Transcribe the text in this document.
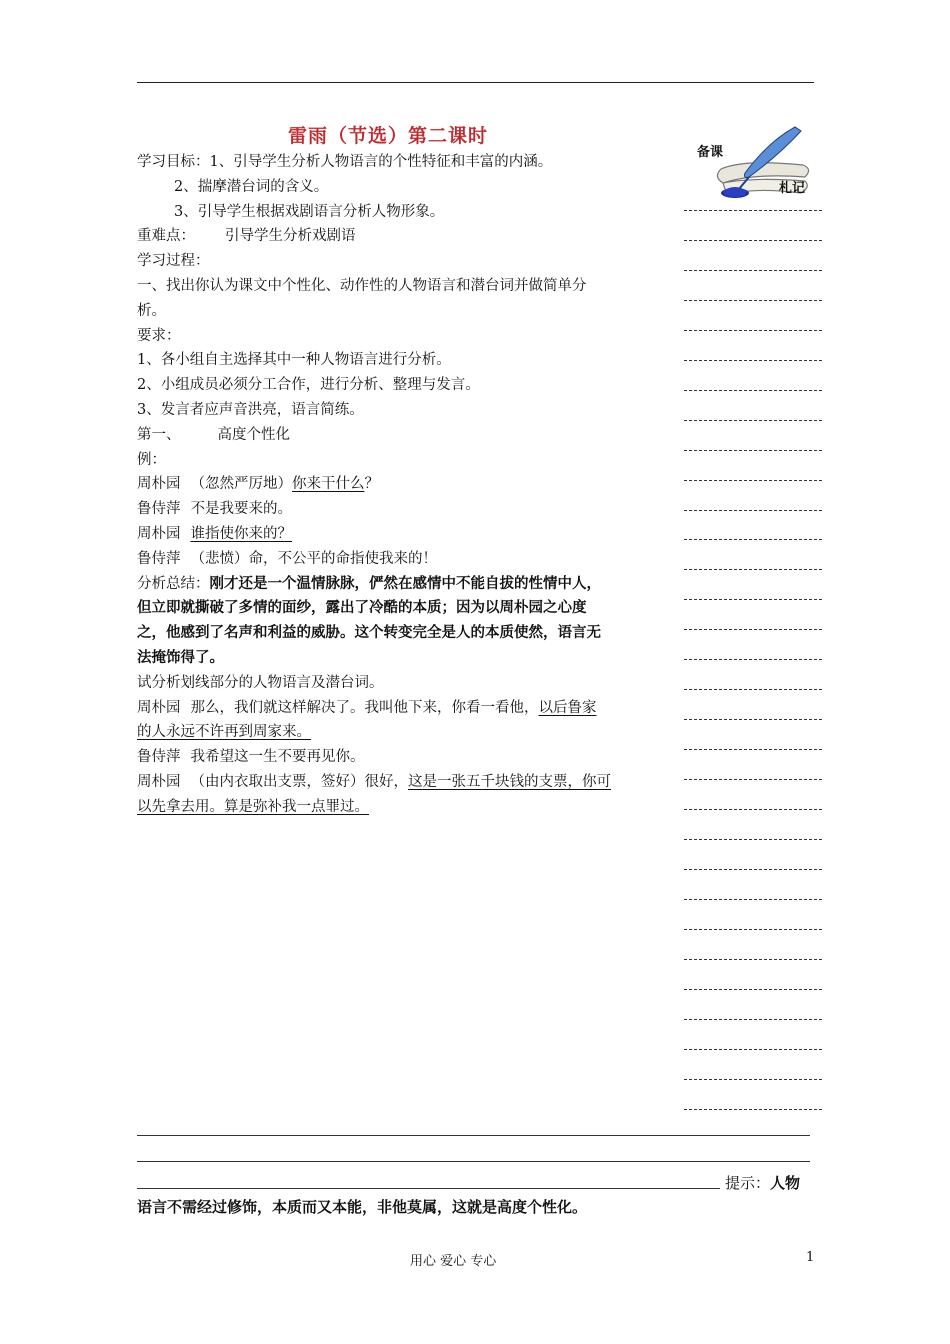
雷雨（节选）第二课时
备课
札记
学习目标：1、引导学生分析人物语言的个性特征和丰富的内涵。
2、揣摩潜台词的含义。
3、引导学生根据戏剧语言分析人物形象。
重难点： 引导学生分析戏剧语
学习过程：
一、找出你认为课文中个性化、动作性的人物语言和潜台词并做简单分
析。
要求：
1、各小组自主选择其中一种人物语言进行分析。
2、小组成员必须分工合作，进行分析、整理与发言。
3、发言者应声音洪亮，语言简练。
第一、	高度个性化
例：
周朴园 （忽然严厉地）你来干什么？
鲁侍萍 不是我要来的。
周朴园 谁指使你来的？
鲁侍萍 （悲愤）命，不公平的命指使我来的！
分析总结：刚才还是一个温情脉脉，俨然在感情中不能自拔的性情中人，
但立即就撕破了多情的面纱，露出了冷酷的本质；因为以周朴园之心度
之，他感到了名声和利益的威胁。这个转变完全是人的本质使然，语言无
法掩饰得了。
试分析划线部分的人物语言及潜台词。
周朴园 那么，我们就这样解决了。我叫他下来，你看一看他，以后鲁家
的人永远不许再到周家来。
鲁侍萍 我希望这一生不要再见你。
周朴园 （由内衣取出支票，签好）很好，这是一张五千块钱的支票，你可
以先拿去用。算是弥补我一点罪过。
提示：人物
语言不需经过修饰，本质而又本能，非他莫属，这就是高度个性化。
用心 爱心 专心	1
